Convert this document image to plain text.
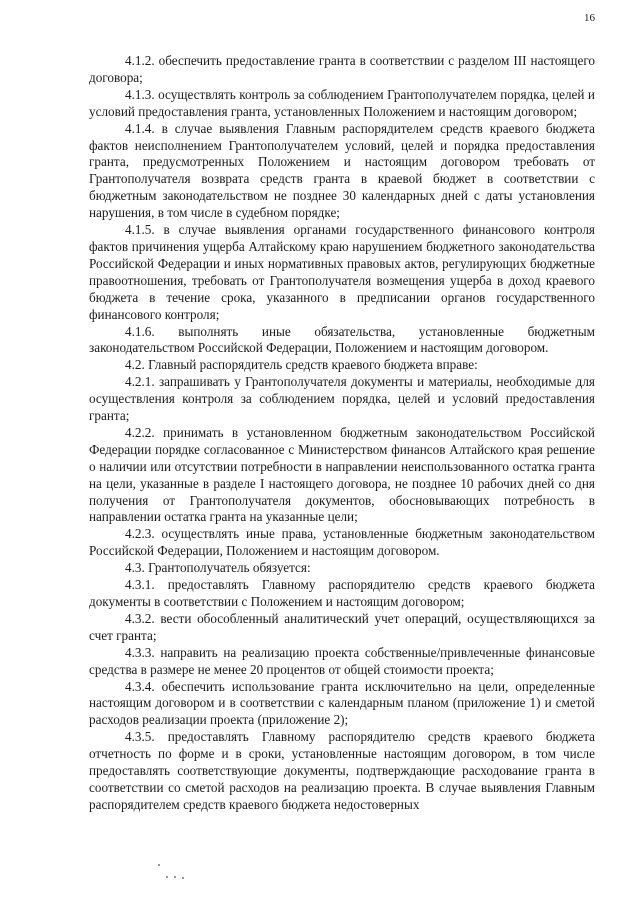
16

4.1.2. обеспечить предоставление гранта в соответствии с разделом III настоящего договора;

4.1.3. осуществлять контроль за соблюдением Грантополучателем порядка, целей и условий предоставления гранта, установленных Положением и настоящим договором;

4.1.4. в случае выявления Главным распорядителем средств краевого бюджета фактов неисполнением Грантополучателем условий, целей и порядка предоставления гранта, предусмотренных Положением и настоящим договором требовать от Грантополучателя возврата средств гранта в краевой бюджет в соответствии с бюджетным законодательством не позднее 30 календарных дней с даты установления нарушения, в том числе в судебном порядке;

4.1.5. в случае выявления органами государственного финансового контроля фактов причинения ущерба Алтайскому краю нарушением бюджетного законодательства Российской Федерации и иных нормативных правовых актов, регулирующих бюджетные правоотношения, требовать от Грантополучателя возмещения ущерба в доход краевого бюджета в течение срока, указанного в предписании органов государственного финансового контроля;

4.1.6. выполнять иные обязательства, установленные бюджетным законодательством Российской Федерации, Положением и настоящим договором.

4.2. Главный распорядитель средств краевого бюджета вправе:

4.2.1. запрашивать у Грантополучателя документы и материалы, необходимые для осуществления контроля за соблюдением порядка, целей и условий предоставления гранта;

4.2.2. принимать в установленном бюджетным законодательством Российской Федерации порядке согласованное с Министерством финансов Алтайского края решение о наличии или отсутствии потребности в направлении неиспользованного остатка гранта на цели, указанные в разделе I настоящего договора, не позднее 10 рабочих дней со дня получения от Грантополучателя документов, обосновывающих потребность в направлении остатка гранта на указанные цели;

4.2.3. осуществлять иные права, установленные бюджетным законодательством Российской Федерации, Положением и настоящим договором.

4.3. Грантополучатель обязуется:

4.3.1. предоставлять Главному распорядителю средств краевого бюджета документы в соответствии с Положением и настоящим договором;

4.3.2. вести обособленный аналитический учет операций, осуществляющихся за счет гранта;

4.3.3. направить на реализацию проекта собственные/привлеченные финансовые средства в размере не менее 20 процентов от общей стоимости проекта;

4.3.4. обеспечить использование гранта исключительно на цели, определенные настоящим договором и в соответствии с календарным планом (приложение 1) и сметой расходов реализации проекта (приложение 2);

4.3.5. предоставлять Главному распорядителю средств краевого бюджета отчетность по форме и в сроки, установленные настоящим договором, в том числе предоставлять соответствующие документы, подтверждающие расходование гранта в соответствии со сметой расходов на реализацию проекта. В случае выявления Главным распорядителем средств краевого бюджета недостоверных
